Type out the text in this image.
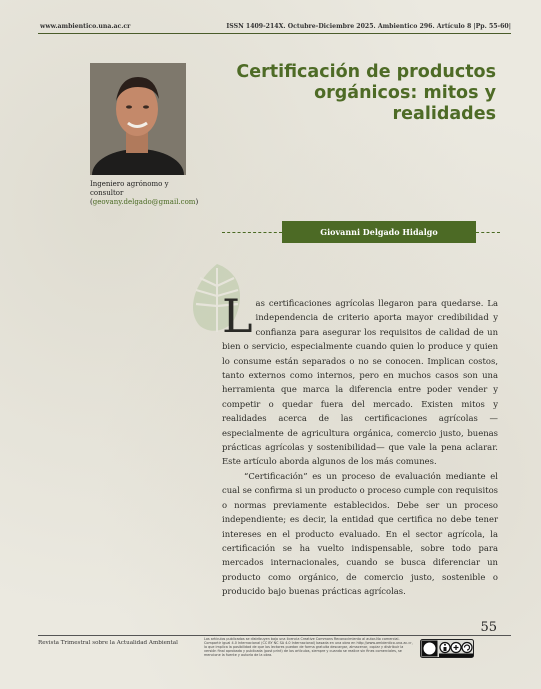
www.ambientico.una.ac.cr	ISSN 1409-214X. Octubre-Diciembre 2025. Ambientico 296. Artículo 8 |Pp. 55-60|
Ingeniero agrónomo y consultor (geovany.delgado@gmail.com)
Certificación de productos orgánicos: mitos y realidades
Giovanni Delgado Hidalgo

Las certificaciones agrícolas llegaron para quedarse. La independencia de criterio aporta mayor credibilidad y confianza para asegurar los requisitos de calidad de un bien o servicio, especialmente cuando quien lo produce y quien lo consume están separados o no se conocen. Implican costos, tanto externos como internos, pero en muchos casos son una herramienta que marca la diferencia entre poder vender y competir o quedar fuera del mercado. Existen mitos y realidades acerca de las certificaciones agrícolas —especialmente de agricultura orgánica, comercio justo, buenas prácticas agrícolas y sostenibilidad— que vale la pena aclarar. Este artículo aborda algunos de los más comunes.

“Certificación” es un proceso de evaluación mediante el cual se confirma si un producto o proceso cumple con requisitos o normas previamente establecidos. Debe ser un proceso independiente; es decir, la entidad que certifica no debe tener intereses en el producto evaluado. En el sector agrícola, la certificación se ha vuelto indispensable, sobre todo para mercados internacionales, cuando se busca diferenciar un producto como orgánico, de comercio justo, sostenible o producido bajo buenas prácticas agrícolas.

55
Revista Trimestral sobre la Actualidad Ambiental
Los artículos publicados se distribuyen bajo una licencia Creative Commons Reconocimiento al autor-No comercial-Compartir igual 4.0 Internacional (CC BY NC SA 4.0 Internacional) basada en una obra en http://www.ambientico.una.ac.cr, lo que implica la posibilidad de que los lectores puedan de forma gratuita descargar, almacenar, copiar y distribuir la versión final aprobada y publicada (post print) de los artículos, siempre y cuando se realice sin fines comerciales, se mencione la fuente y autoría de la obra.
